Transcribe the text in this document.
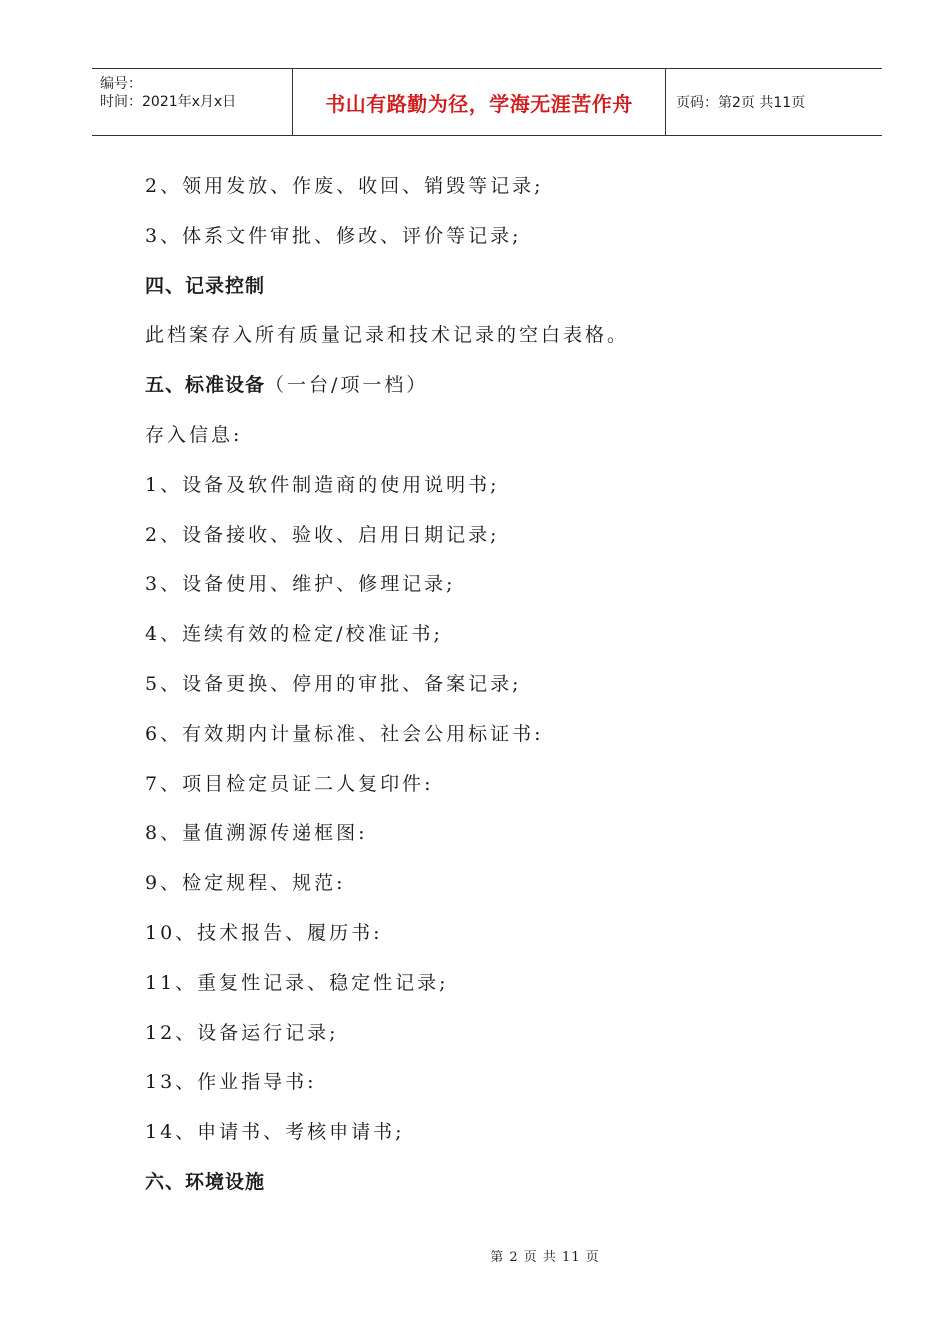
编号：
时间：2021年x月x日	书山有路勤为径，学海无涯苦作舟	页码：第2页 共11页
2、领用发放、作废、收回、销毁等记录;
3、体系文件审批、修改、评价等记录;
四、记录控制
此档案存入所有质量记录和技术记录的空白表格。
五、标准设备（一台/项一档）
存入信息:
1、设备及软件制造商的使用说明书;
2、设备接收、验收、启用日期记录;
3、设备使用、维护、修理记录;
4、连续有效的检定/校准证书;
5、设备更换、停用的审批、备案记录;
6、有效期内计量标准、社会公用标证书:
7、项目检定员证二人复印件:
8、量值溯源传递框图:
9、检定规程、规范:
10、技术报告、履历书:
11、重复性记录、稳定性记录;
12、设备运行记录;
13、作业指导书:
14、申请书、考核申请书;
六、环境设施
第 2 页 共 11 页
